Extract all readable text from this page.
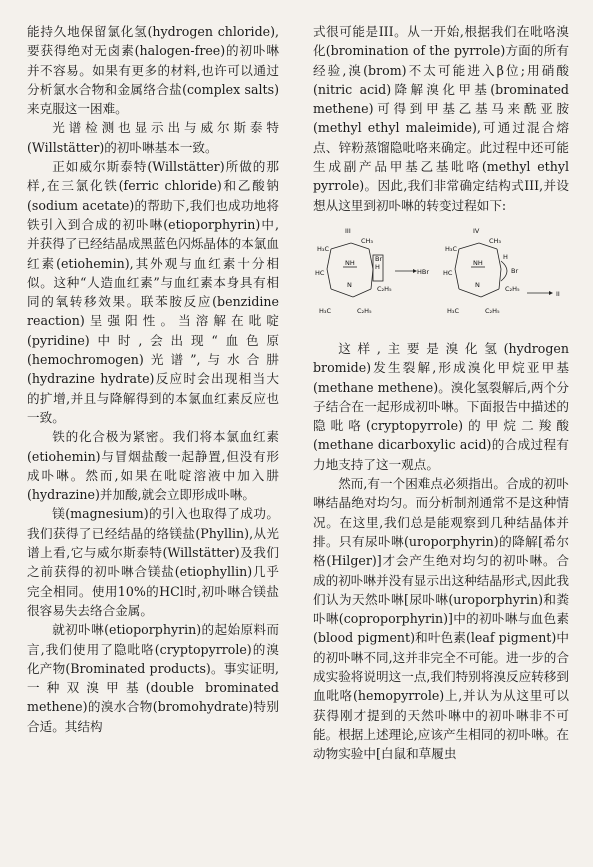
能持久地保留氯化氢(hydrogen chloride),要获得绝对无卤素(halogen-free)的初卟啉并不容易。如果有更多的材料,也许可以通过分析氯水合物和金属络合盐(complex salts)来克服这一困难。

光谱检测也显示出与威尔斯泰特(Willstätter)的初卟啉基本一致。

正如威尔斯泰特(Willstätter)所做的那样,在三氯化铁(ferric chloride)和乙酸钠(sodium acetate)的帮助下,我们也成功地将铁引入到合成的初卟啉(etioporphyrin)中,并获得了已经结晶成黑蓝色闪烁晶体的本氯血红素(etiohemin),其外观与血红素十分相似。这种“人造血红素”与血红素本身具有相同的氧转移效果。联苯胺反应(benzidine reaction)呈强阳性。当溶解在吡啶(pyridine)中时,会出现“血色原(hemochromogen)光谱”,与水合肼(hydrazine hydrate)反应时会出现相当大的扩增,并且与降解得到的本氯血红素反应也一致。

铁的化合极为紧密。我们将本氯血红素(etiohemin)与冒烟盐酸一起静置,但没有形成卟啉。然而,如果在吡啶溶液中加入肼(hydrazine)并加酸,就会立即形成卟啉。

镁(magnesium)的引入也取得了成功。我们获得了已经结晶的络镁盐(Phyllin),从光谱上看,它与威尔斯泰特(Willstätter)及我们之前获得的初卟啉合镁盐(etiophyllin)几乎完全相同。使用10%的HCl时,初卟啉合镁盐很容易失去络合金属。

就初卟啉(etioporphyrin)的起始原料而言,我们使用了隐吡咯(cryptopyrrole)的溴化产物(Brominated products)。事实证明,一种双溴甲基(double brominated methene)的溴水合物(bromohydrate)特别合适。其结构

式很可能是III。从一开始,根据我们在吡咯溴化(bromination of the pyrrole)方面的所有经验,溴(brom)不太可能进入β位;用硝酸(nitric acid)降解溴化甲基(brominated methene)可得到甲基乙基马来酰亚胺(methyl ethyl maleimide),可通过混合熔点、锌粉蒸馏隐吡咯来确定。此过程中还可能生成副产品甲基乙基吡咯(methyl ethyl pyrrole)。因此,我们非常确定结构式III,并设想从这里到初卟啉的转变过程如下:

III
H₃C
CH₃
HC
NH
N
H
Br
H₃C	C₂H₅
C₂H₅
HBr
IV
H₃C
CH₃
HC
NH
N
H
Br
H₃C	C₂H₅
C₂H₅
II

这样,主要是溴化氢(hydrogen bromide)发生裂解,形成溴化甲烷亚甲基(methane methene)。溴化氢裂解后,两个分子结合在一起形成初卟啉。下面报告中描述的隐吡咯(cryptopyrrole)的甲烷二羧酸(methane dicarboxylic acid)的合成过程有力地支持了这一观点。

然而,有一个困难点必须指出。合成的初卟啉结晶绝对均匀。而分析制剂通常不是这种情况。在这里,我们总是能观察到几种结晶体并排。只有尿卟啉(uroporphyrin)的降解[希尔格(Hilger)]才会产生绝对均匀的初卟啉。合成的初卟啉并没有显示出这种结晶形式,因此我们认为天然卟啉[尿卟啉(uroporphyrin)和粪卟啉(coproporphyrin)]中的初卟啉与血色素(blood pigment)和叶色素(leaf pigment)中的初卟啉不同,这并非完全不可能。进一步的合成实验将说明这一点,我们特别将溴反应转移到血吡咯(hemopyrrole)上,并认为从这里可以获得刚才提到的天然卟啉中的初卟啉非不可能。根据上述理论,应该产生相同的初卟啉。在动物实验中[白鼠和草履虫
